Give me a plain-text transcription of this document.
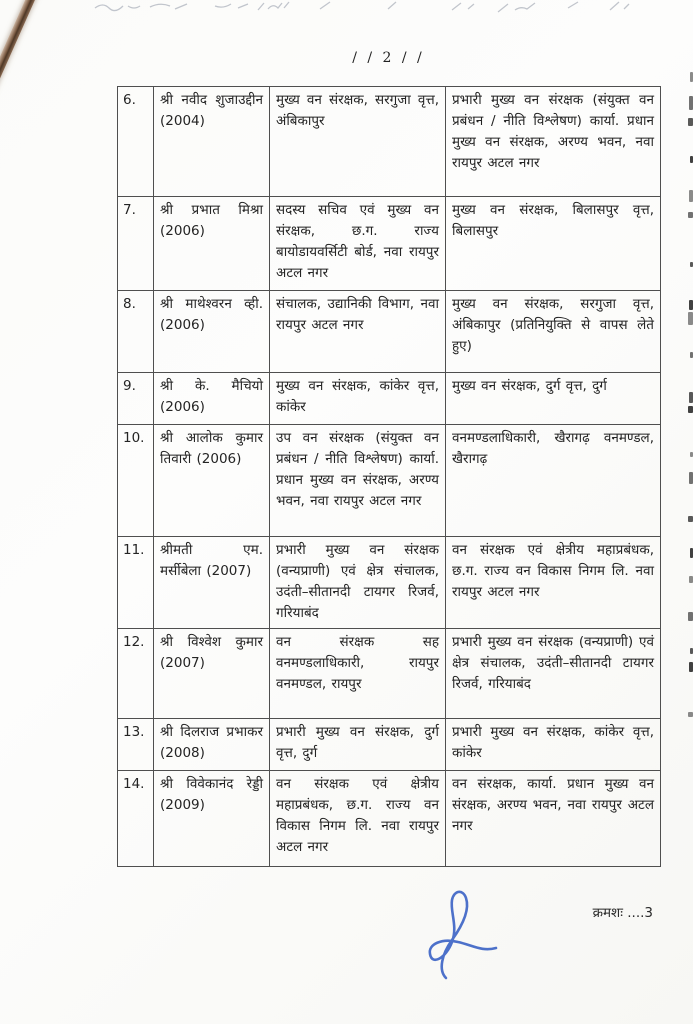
/ / 2 / /
6.	श्री नवीद शुजाउद्दीन (2004)	मुख्य वन संरक्षक, सरगुजा वृत्त, अंबिकापुर	प्रभारी मुख्य वन संरक्षक (संयुक्त वन प्रबंधन / नीति विश्लेषण) कार्या. प्रधान मुख्य वन संरक्षक, अरण्य भवन, नवा रायपुर अटल नगर
7.	श्री प्रभात मिश्रा (2006)	सदस्य सचिव एवं मुख्य वन संरक्षक, छ.ग. राज्य बायोडायवर्सिटी बोर्ड, नवा रायपुर अटल नगर	मुख्य वन संरक्षक, बिलासपुर वृत्त, बिलासपुर
8.	श्री माथेश्वरन व्ही. (2006)	संचालक, उद्यानिकी विभाग, नवा रायपुर अटल नगर	मुख्य वन संरक्षक, सरगुजा वृत्त, अंबिकापुर (प्रतिनियुक्ति से वापस लेते हुए)
9.	श्री के. मैचियो (2006)	मुख्य वन संरक्षक, कांकेर वृत्त, कांकेर	मुख्य वन संरक्षक, दुर्ग वृत्त, दुर्ग
10.	श्री आलोक कुमार तिवारी (2006)	उप वन संरक्षक (संयुक्त वन प्रबंधन / नीति विश्लेषण) कार्या. प्रधान मुख्य वन संरक्षक, अरण्य भवन, नवा रायपुर अटल नगर	वनमण्डलाधिकारी, खैरागढ़ वनमण्डल, खैरागढ़
11.	श्रीमती एम. मर्सीबेला (2007)	प्रभारी मुख्य वन संरक्षक (वन्यप्राणी) एवं क्षेत्र संचालक, उदंती–सीतानदी टायगर रिजर्व, गरियाबंद	वन संरक्षक एवं क्षेत्रीय महाप्रबंधक, छ.ग. राज्य वन विकास निगम लि. नवा रायपुर अटल नगर
12.	श्री विश्वेश कुमार (2007)	वन संरक्षक सह वनमण्डलाधिकारी, रायपुर वनमण्डल, रायपुर	प्रभारी मुख्य वन संरक्षक (वन्यप्राणी) एवं क्षेत्र संचालक, उदंती–सीतानदी टायगर रिजर्व, गरियाबंद
13.	श्री दिलराज प्रभाकर (2008)	प्रभारी मुख्य वन संरक्षक, दुर्ग वृत्त, दुर्ग	प्रभारी मुख्य वन संरक्षक, कांकेर वृत्त, कांकेर
14.	श्री विवेकानंद रेड्डी (2009)	वन संरक्षक एवं क्षेत्रीय महाप्रबंधक, छ.ग. राज्य वन विकास निगम लि. नवा रायपुर अटल नगर	वन संरक्षक, कार्या. प्रधान मुख्य वन संरक्षक, अरण्य भवन, नवा रायपुर अटल नगर
क्रमशः ....3
